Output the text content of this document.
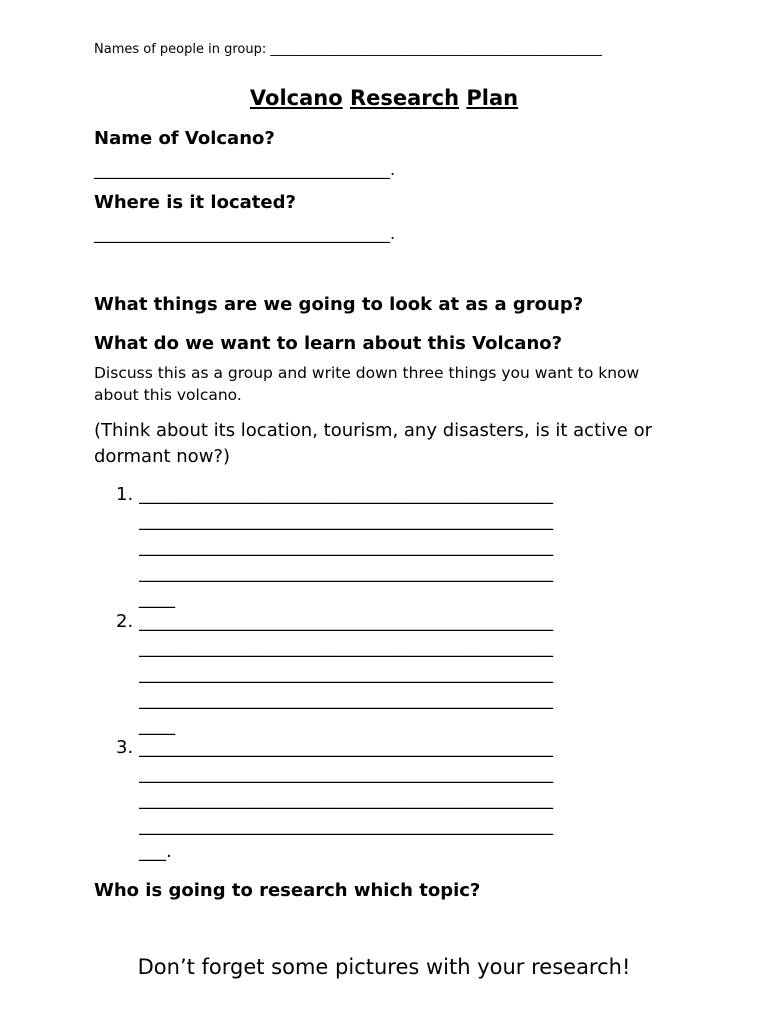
Names of people in group: ___________________________________________________
Volcano Research Plan
Name of Volcano?
_____________________________________.
Where is it located?
_____________________________________.
What things are we going to look at as a group?
What do we want to learn about this Volcano?
Discuss this as a group and write down three things you want to know about this volcano.
(Think about its location, tourism, any disasters, is it active or dormant now?)
1. ______________________________________________
______________________________________________
______________________________________________
______________________________________________
____
2. ______________________________________________
______________________________________________
______________________________________________
______________________________________________
____
3. ______________________________________________
______________________________________________
______________________________________________
______________________________________________
___.
Who is going to research which topic?
Don’t forget some pictures with your research!
